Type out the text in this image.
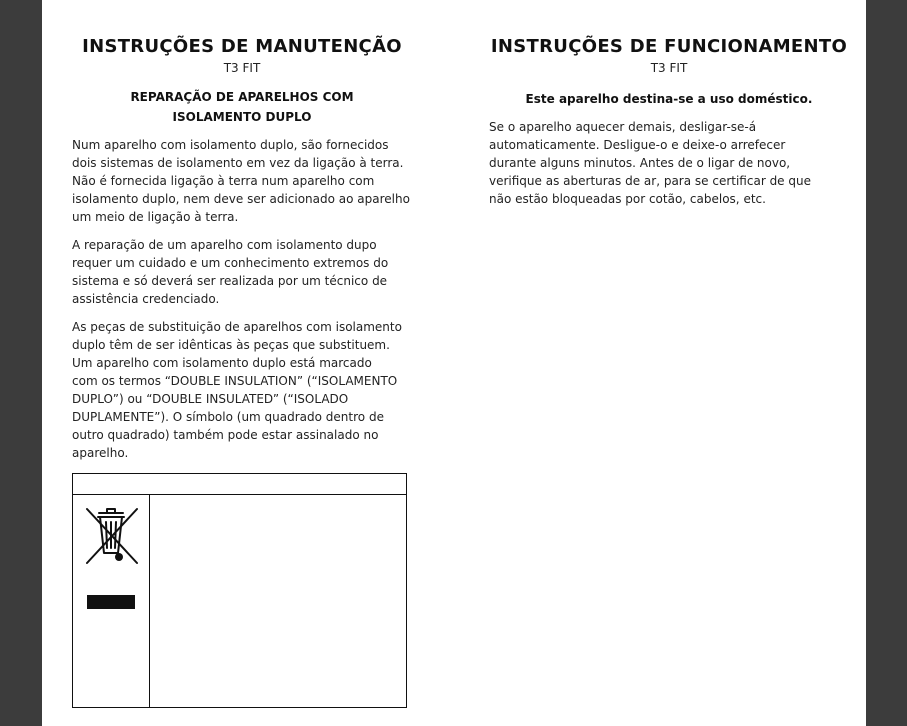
INSTRUÇÕES DE MANUTENÇÃO
T3 FIT
REPARAÇÃO DE APARELHOS COM
ISOLAMENTO DUPLO

Num aparelho com isolamento duplo, são fornecidos
dois sistemas de isolamento em vez da ligação à terra.
Não é fornecida ligação à terra num aparelho com
isolamento duplo, nem deve ser adicionado ao aparelho
um meio de ligação à terra.

A reparação de um aparelho com isolamento dupo
requer um cuidado e um conhecimento extremos do
sistema e só deverá ser realizada por um técnico de
assistência credenciado.

As peças de substituição de aparelhos com isolamento
duplo têm de ser idênticas às peças que substituem.
Um aparelho com isolamento duplo está marcado
com os termos “DOUBLE INSULATION” (“ISOLAMENTO
DUPLO”) ou “DOUBLE INSULATED” (“ISOLADO
DUPLAMENTE”). O símbolo (um quadrado dentro de
outro quadrado) também pode estar assinalado no
aparelho.

INSTRUÇÕES DE FUNCIONAMENTO
T3 FIT
Este aparelho destina-se a uso doméstico.

Se o aparelho aquecer demais, desligar-se-á
automaticamente. Desligue-o e deixe-o arrefecer
durante alguns minutos. Antes de o ligar de novo,
verifique as aberturas de ar, para se certificar de que
não estão bloqueadas por cotão, cabelos, etc.
